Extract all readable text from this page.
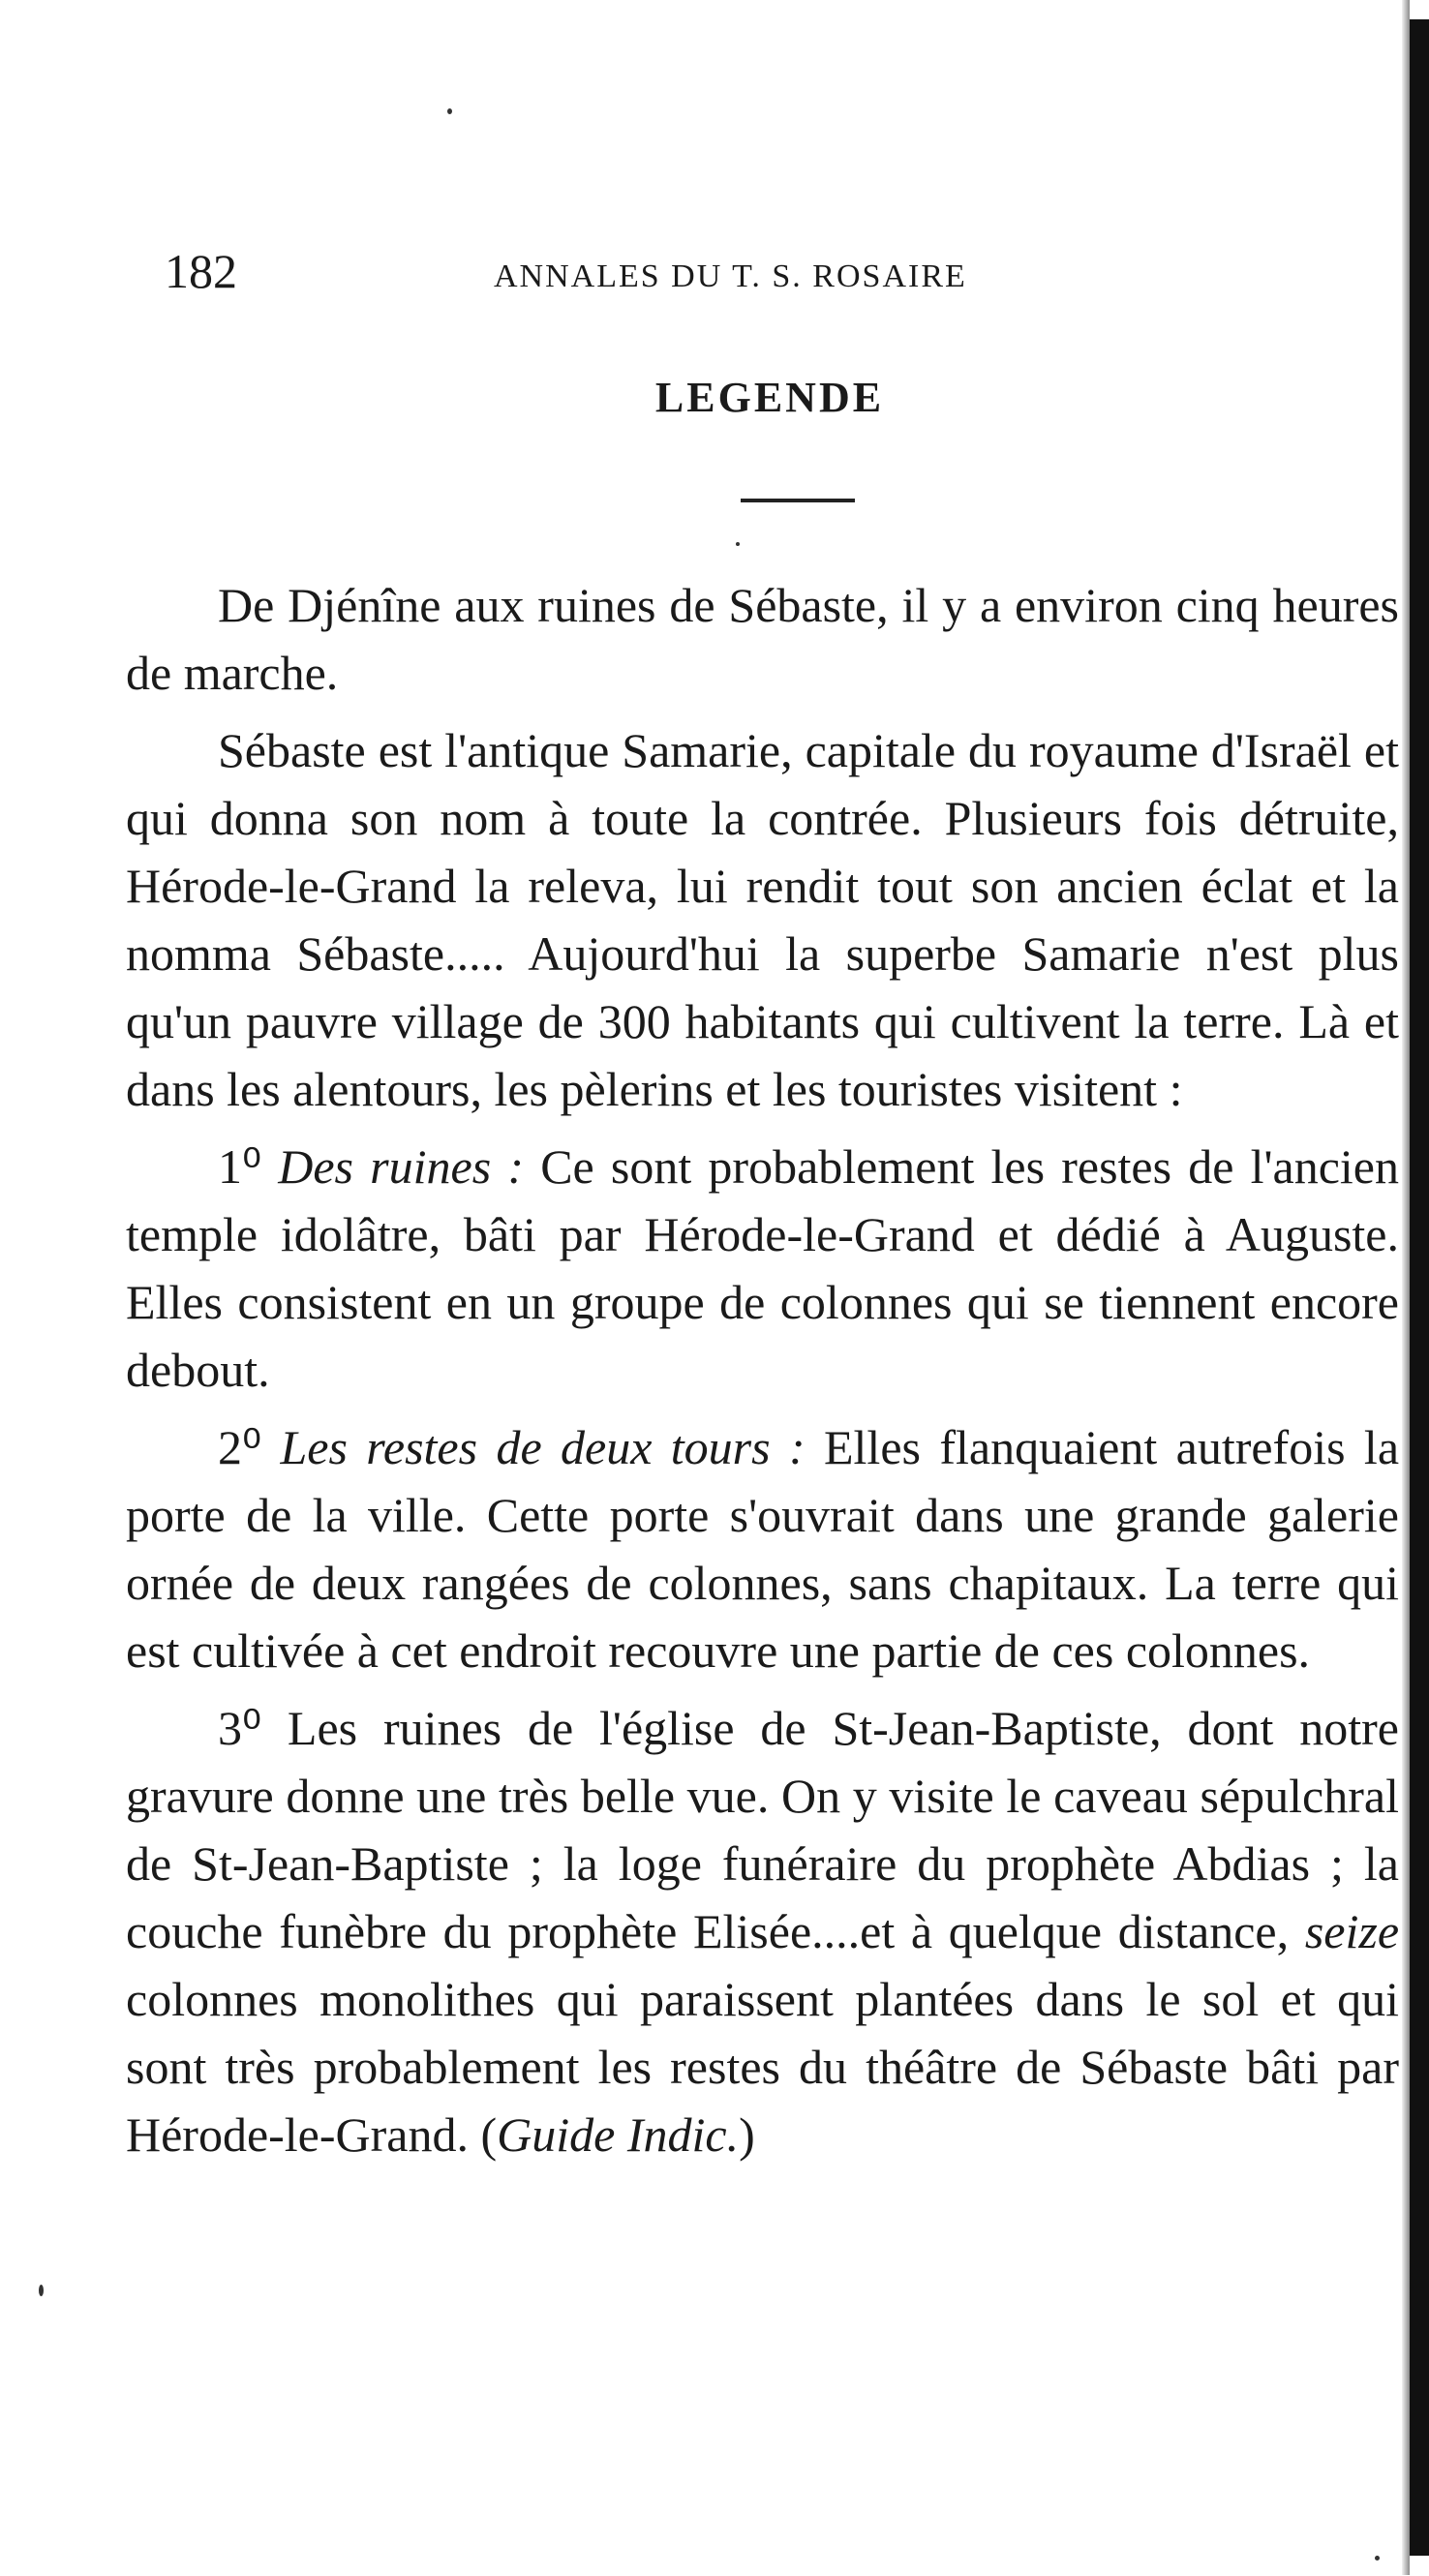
182	ANNALES DU T. S. ROSAIRE
LEGENDE

De Djénîne aux ruines de Sébaste, il y a environ cinq heures de marche.

Sébaste est l'antique Samarie, capitale du royaume d'Israël et qui donna son nom à toute la contrée. Plusieurs fois détruite, Hérode-le-Grand la releva, lui rendit tout son ancien éclat et la nomma Sébaste..... Aujourd'hui la superbe Samarie n'est plus qu'un pauvre village de 300 habitants qui cultivent la terre. Là et dans les alentours, les pèlerins et les touristes visitent :

1⁰ Des ruines : Ce sont probablement les restes de l'ancien temple idolâtre, bâti par Hérode-le-Grand et dédié à Auguste. Elles consistent en un groupe de colonnes qui se tiennent encore debout.

2⁰ Les restes de deux tours : Elles flanquaient autrefois la porte de la ville. Cette porte s'ouvrait dans une grande galerie ornée de deux rangées de colonnes, sans chapitaux. La terre qui est cultivée à cet endroit recouvre une partie de ces colonnes.

3⁰ Les ruines de l'église de St-Jean-Baptiste, dont notre gravure donne une très belle vue. On y visite le caveau sépulchral de St-Jean-Baptiste ; la loge funéraire du prophète Abdias ; la couche funèbre du prophète Elisée....et à quelque distance, seize colonnes monolithes qui paraissent plantées dans le sol et qui sont très probablement les restes du théâtre de Sébaste bâti par Hérode-le-Grand. (Guide Indic.)
